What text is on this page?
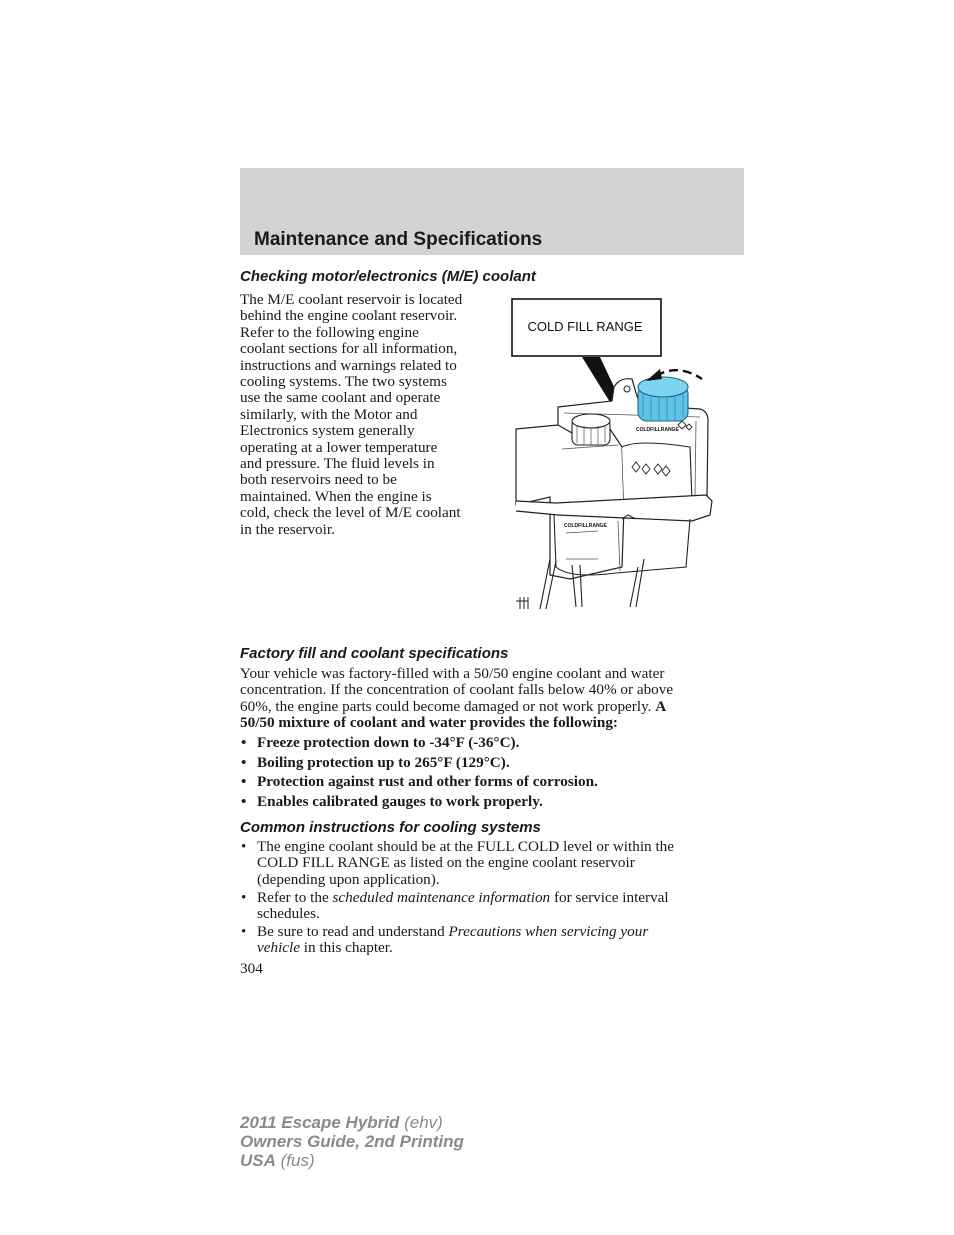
Maintenance and Specifications
Checking motor/electronics (M/E) coolant

The M/E coolant reservoir is located
behind the engine coolant reservoir.
Refer to the following engine
coolant sections for all information,
instructions and warnings related to
cooling systems. The two systems
use the same coolant and operate
similarly, with the Motor and
Electronics system generally
operating at a lower temperature
and pressure. The fluid levels in
both reservoirs need to be
maintained. When the engine is
cold, check the level of M/E coolant
in the reservoir.

COLD FILL RANGE
COLDFILLRANGE
COLDFILLRANGE
Factory fill and coolant specifications

Your vehicle was factory-filled with a 50/50 engine coolant and water
concentration. If the concentration of coolant falls below 40% or above
60%, the engine parts could become damaged or not work properly. A
50/50 mixture of coolant and water provides the following:

• Freeze protection down to -34°F (-36°C).
• Boiling protection up to 265°F (129°C).
• Protection against rust and other forms of corrosion.
• Enables calibrated gauges to work properly.
Common instructions for cooling systems
• The engine coolant should be at the FULL COLD level or within the
COLD FILL RANGE as listed on the engine coolant reservoir
(depending upon application).
• Refer to the scheduled maintenance information for service interval
schedules.
• Be sure to read and understand Precautions when servicing your
vehicle in this chapter.

304

2011 Escape Hybrid (ehv)
Owners Guide, 2nd Printing
USA (fus)
